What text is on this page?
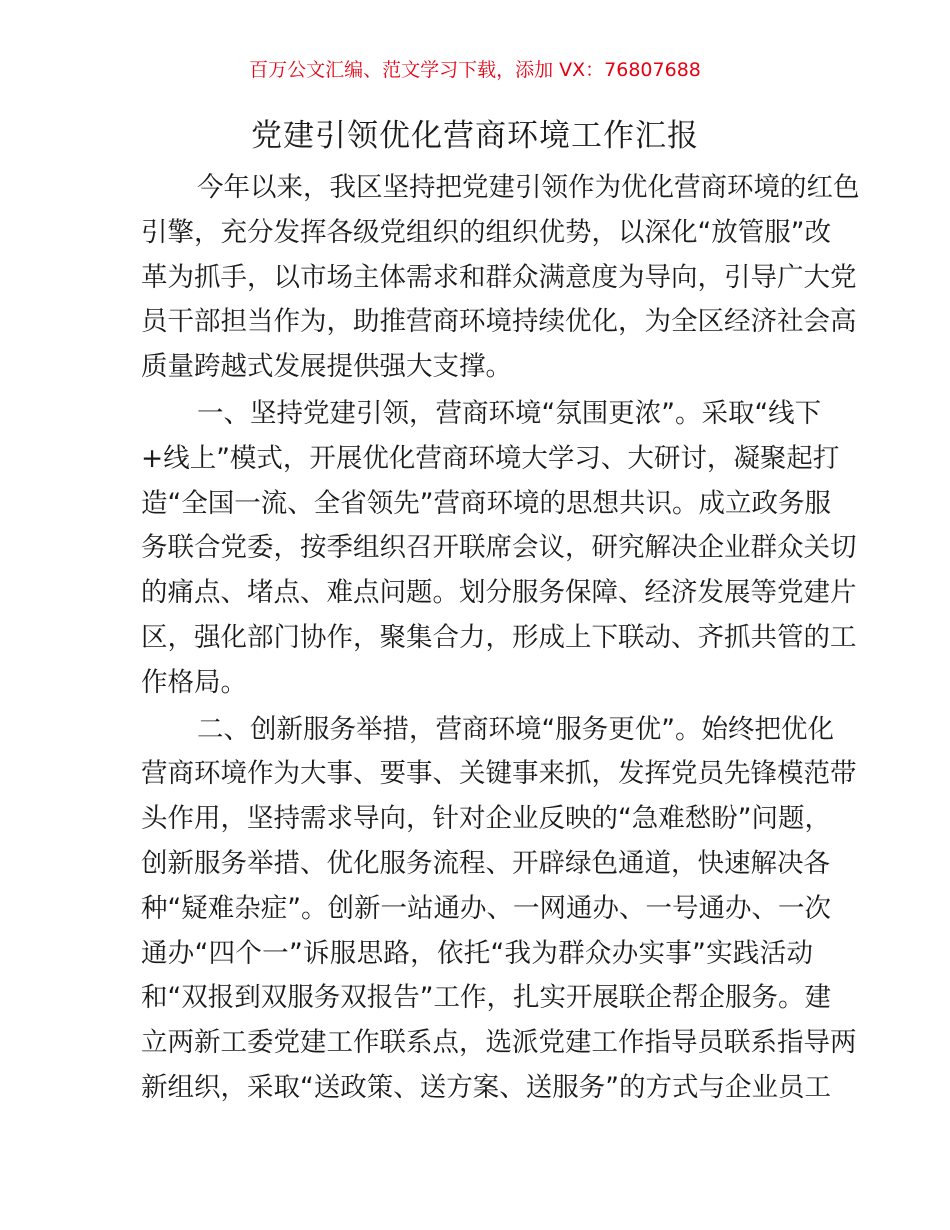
百万公文汇编、范文学习下载，添加 VX：76807688
党建引领优化营商环境工作汇报
今年以来，我区坚持把党建引领作为优化营商环境的红色
引擎，充分发挥各级党组织的组织优势，以深化“放管服”改
革为抓手，以市场主体需求和群众满意度为导向，引导广大党
员干部担当作为，助推营商环境持续优化，为全区经济社会高
质量跨越式发展提供强大支撑。
一、坚持党建引领，营商环境“氛围更浓”。采取“线下
+线上”模式，开展优化营商环境大学习、大研讨，凝聚起打
造“全国一流、全省领先”营商环境的思想共识。成立政务服
务联合党委，按季组织召开联席会议，研究解决企业群众关切
的痛点、堵点、难点问题。划分服务保障、经济发展等党建片
区，强化部门协作，聚集合力，形成上下联动、齐抓共管的工
作格局。
二、创新服务举措，营商环境“服务更优”。始终把优化
营商环境作为大事、要事、关键事来抓，发挥党员先锋模范带
头作用，坚持需求导向，针对企业反映的“急难愁盼”问题，
创新服务举措、优化服务流程、开辟绿色通道，快速解决各
种“疑难杂症”。创新一站通办、一网通办、一号通办、一次
通办“四个一”诉服思路，依托“我为群众办实事”实践活动
和“双报到双服务双报告”工作，扎实开展联企帮企服务。建
立两新工委党建工作联系点，选派党建工作指导员联系指导两
新组织，采取“送政策、送方案、送服务”的方式与企业员工
